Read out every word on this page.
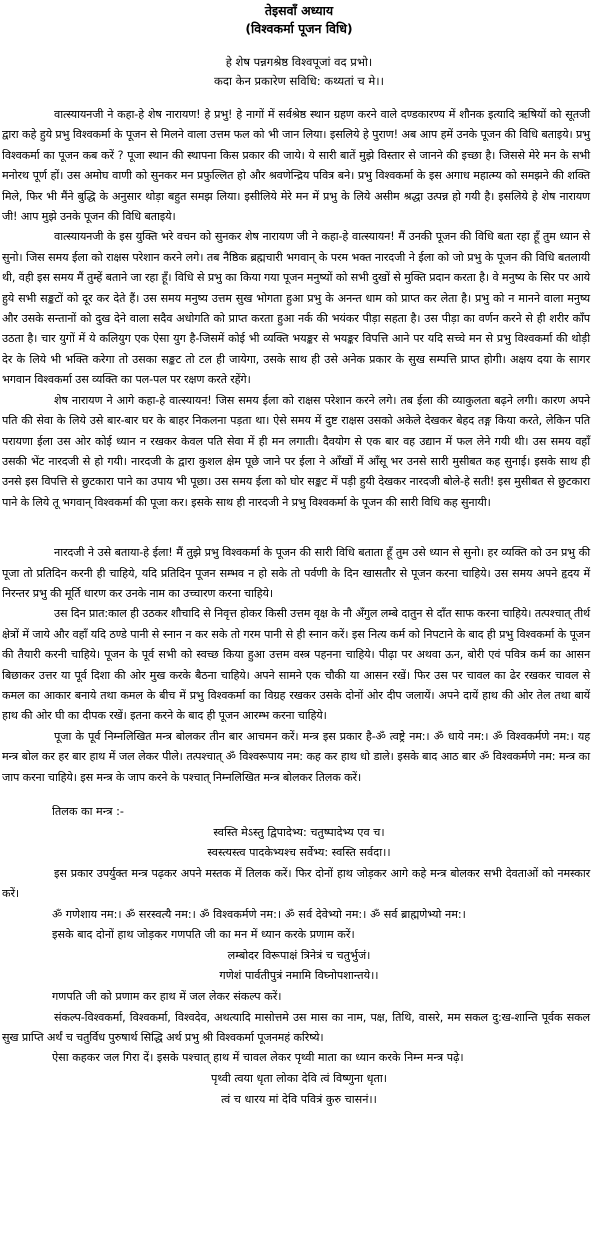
तेइसवाँ अध्याय
(विश्वकर्मा पूजन विधि)
हे शेष पन्नगश्रेष्ठ विश्वपूजां वद प्रभो।
कदा केन प्रकारेण सविधि: कथ्यतां च मे।।

वात्स्यायनजी ने कहा-हे शेष नारायण! हे प्रभु! हे नागों में सर्वश्रेष्ठ स्थान ग्रहण करने वाले दण्डकारण्य में शौनक इत्यादि ऋषियों को सूतजी द्वारा कहे हुये प्रभु विश्वकर्मा के पूजन से मिलने वाला उत्तम फल को भी जान लिया। इसलिये हे पुराण! अब आप हमें उनके पूजन की विधि बताइये। प्रभु विश्वकर्मा का पूजन कब करें ? पूजा स्थान की स्थापना किस प्रकार की जाये। ये सारी बातें मुझे विस्तार से जानने की इच्छा है। जिससे मेरे मन के सभी मनोरथ पूर्ण हों। उस अमोघ वाणी को सुनकर मन प्रफुल्लित हो और श्रवणेन्द्रिय पवित्र बने। प्रभु विश्वकर्मा के इस अगाध महात्म्य को समझने की शक्ति मिले, फिर भी मैंने बुद्धि के अनुसार थोड़ा बहुत समझ लिया। इसीलिये मेरे मन में प्रभु के लिये असीम श्रद्धा उत्पन्न हो गयी है। इसलिये हे शेष नारायण जी! आप मुझे उनके पूजन की विधि बताइये।

वात्स्यायनजी के इस युक्ति भरे वचन को सुनकर शेष नारायण जी ने कहा-हे वात्स्यायन! मैं उनकी पूजन की विधि बता रहा हूँ तुम ध्यान से सुनो। जिस समय ईला को राक्षस परेशान करने लगे। तब नैष्ठिक ब्रह्मचारी भगवान् के परम भक्त नारदजी ने ईला को जो प्रभु के पूजन की विधि बतलायी थी, वही इस समय मैं तुम्हें बताने जा रहा हूँ। विधि से प्रभु का किया गया पूजन मनुष्यों को सभी दुखों से मुक्ति प्रदान करता है। वे मनुष्य के सिर पर आये हुये सभी सङ्कटों को दूर कर देते हैं। उस समय मनुष्य उत्तम सुख भोगता हुआ प्रभु के अनन्त धाम को प्राप्त कर लेता है। प्रभु को न मानने वाला मनुष्य और उसके सन्तानों को दुख देने वाला सदैव अधोगति को प्राप्त करता हुआ नर्क की भयंकर पीड़ा सहता है। उस पीड़ा का वर्णन करने से ही शरीर काँप उठता है। चार युगों में ये कलियुग एक ऐसा युग है-जिसमें कोई भी व्यक्ति भयङ्कर से भयङ्कर विपत्ति आने पर यदि सच्चे मन से प्रभु विश्वकर्मा की थोड़ी देर के लिये भी भक्ति करेगा तो उसका सङ्कट तो टल ही जायेगा, उसके साथ ही उसे अनेक प्रकार के सुख सम्पत्ति प्राप्त होगी। अक्षय दया के सागर भगवान विश्वकर्मा उस व्यक्ति का पल-पल पर रक्षण करते रहेंगे।

शेष नारायण ने आगे कहा-हे वात्स्यायन! जिस समय ईला को राक्षस परेशान करने लगे। तब ईला की व्याकुलता बढ़ने लगी। कारण अपने पति की सेवा के लिये उसे बार-बार घर के बाहर निकलना पड़ता था। ऐसे समय में दुष्ट राक्षस उसको अकेले देखकर बेहद तङ्ग किया करते, लेकिन पति परायणा ईला उस ओर कोई ध्यान न रखकर केवल पति सेवा में ही मन लगाती। दैवयोग से एक बार वह उद्यान में फल लेने गयी थी। उस समय वहाँ उसकी भेंट नारदजी से हो गयी। नारदजी के द्वारा कुशल क्षेम पूछे जाने पर ईला ने आँखों में आँसू भर उनसे सारी मुसीबत कह सुनाई। इसके साथ ही उनसे इस विपत्ति से छुटकारा पाने का उपाय भी पूछा। उस समय ईला को घोर सङ्कट में पड़ी हुयी देखकर नारदजी बोले-हे सती! इस मुसीबत से छुटकारा पाने के लिये तू भगवान् विश्वकर्मा की पूजा कर। इसके साथ ही नारदजी ने प्रभु विश्वकर्मा के पूजन की सारी विधि कह सुनायी।

नारदजी ने उसे बताया-हे ईला! मैं तुझे प्रभु विश्वकर्मा के पूजन की सारी विधि बताता हूँ तुम उसे ध्यान से सुनो। हर व्यक्ति को उन प्रभु की पूजा तो प्रतिदिन करनी ही चाहिये, यदि प्रतिदिन पूजन सम्भव न हो सके तो पर्वणी के दिन खासतौर से पूजन करना चाहिये। उस समय अपने हृदय में निरन्तर प्रभु की मूर्ति धारण कर उनके नाम का उच्चारण करना चाहिये।

उस दिन प्रात:काल ही उठकर शौचादि से निवृत्त होकर किसी उत्तम वृक्ष के नौ अँगुल लम्बे दातुन से दाँत साफ करना चाहिये। तत्पश्चात् तीर्थ क्षेत्रों में जाये और वहाँ यदि ठण्डे पानी से स्नान न कर सके तो गरम पानी से ही स्नान करें। इस नित्य कर्म को निपटाने के बाद ही प्रभु विश्वकर्मा के पूजन की तैयारी करनी चाहिये। पूजन के पूर्व सभी को स्वच्छ किया हुआ उत्तम वस्त्र पहनना चाहिये। पीढ़ा पर अथवा ऊन, बोरी एवं पवित्र कर्म का आसन बिछाकर उत्तर या पूर्व दिशा की ओर मुख करके बैठना चाहिये। अपने सामने एक चौकी या आसन रखें। फिर उस पर चावल का ढेर रखकर चावल से कमल का आकार बनाये तथा कमल के बीच में प्रभु विश्वकर्मा का विग्रह रखकर उसके दोनों ओर दीप जलायें। अपने दायें हाथ की ओर तेल तथा बायें हाथ की ओर घी का दीपक रखें। इतना करने के बाद ही पूजन आरम्भ करना चाहिये।

पूजा के पूर्व निम्नलिखित मन्त्र बोलकर तीन बार आचमन करें। मन्त्र इस प्रकार है-ॐ त्वष्ट्रे नम:। ॐ धाये नम:। ॐ विश्वकर्मणे नम:। यह मन्त्र बोल कर हर बार हाथ में जल लेकर पीले। तत्पश्चात् ॐ विश्वरूपाय नम: कह कर हाथ धो डाले। इसके बाद आठ बार ॐ विश्वकर्मणे नम: मन्त्र का जाप करना चाहिये। इस मन्त्र के जाप करने के पश्चात् निम्नलिखित मन्त्र बोलकर तिलक करें।

तिलक का मन्त्र :-
स्वस्ति मेऽस्तु द्विपादेभ्य: चतुष्पादेभ्य एव च।
स्वस्त्यस्त्व पादकेभ्यश्च सर्वेभ्य: स्वस्ति सर्वदा।।

इस प्रकार उपर्युक्त मन्त्र पढ़कर अपने मस्तक में तिलक करें। फिर दोनों हाथ जोड़कर आगे कहे मन्त्र बोलकर सभी देवताओं को नमस्कार करें।

ॐ गणेशाय नम:। ॐ सरस्वत्यै नम:। ॐ विश्वकर्मणे नम:। ॐ सर्व देवेभ्यो नम:। ॐ सर्व ब्राह्मणेभ्यो नम:।
इसके बाद दोनों हाथ जोड़कर गणपति जी का मन में ध्यान करके प्रणाम करें।
लम्बोदर विरूपाक्षं त्रिनेत्रं च चतुर्भुजं।
गणेशं पार्वतीपुत्रं नमामि विघ्नोपशान्तये।।
गणपति जी को प्रणाम कर हाथ में जल लेकर संकल्प करें।

संकल्प-विश्वकर्मा, विश्वकर्मा, विश्वदेव, अथत्यादि मासोत्तमे उस मास का नाम, पक्ष, तिथि, वासरे, मम सकल दु:ख-शान्ति पूर्वक सकल सुख प्राप्ति अर्थं च चतुर्विध पुरुषार्थ सिद्धि अर्थ प्रभु श्री विश्वकर्मा पूजनमहं करिष्ये।

ऐसा कहकर जल गिरा दें। इसके पश्चात् हाथ में चावल लेकर पृथ्वी माता का ध्यान करके निम्न मन्त्र पढ़े।
पृथ्वी त्वया धृता लोका देवि त्वं विष्णुना धृता।
त्वं च धारय मां देवि पवित्रं कुरु चासनं।।
